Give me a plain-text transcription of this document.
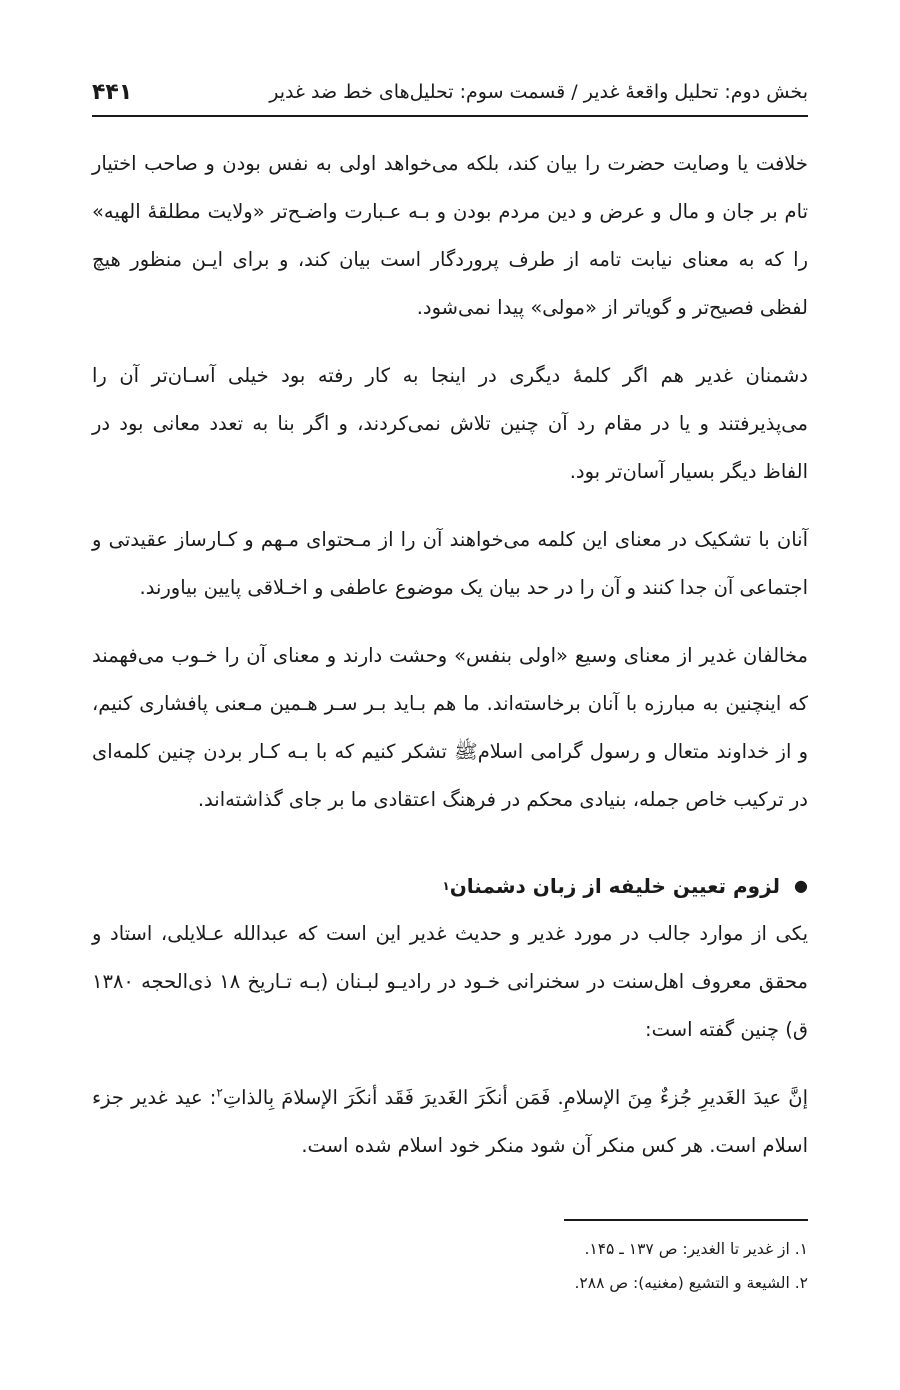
بخش دوم: تحلیل واقعهٔ غدیر / قسمت سوم: تحلیل‌های خط ضد غدیر
۴۴۱

خلافت یا وصایت حضرت را بیان کند، بلکه می‌خواهد اولی به نفس بودن و صاحب اختیار تام بر جان و مال و عرض و دین مردم بودن و بـه عـبارت واضـح‌تر «ولایت مطلقهٔ الهیه» را که به معنای نیابت تامه از طرف پروردگار است بیان کند، و برای ایـن منظور هیچ لفظی فصیح‌تر و گویاتر از «مولی» پیدا نمی‌شود.

دشمنان غدیر هم اگر کلمهٔ دیگری در اینجا به کار رفته بود خیلی آسـان‌تر آن را می‌پذیرفتند و یا در مقام رد آن چنین تلاش نمی‌کردند، و اگر بنا به تعدد معانی بود در الفاظ دیگر بسیار آسان‌تر بود.

آنان با تشکیک در معنای این کلمه می‌خواهند آن را از مـحتوای مـهم و کـارساز عقیدتی و اجتماعی آن جدا کنند و آن را در حد بیان یک موضوع عاطفی و اخـلاقی پایین بیاورند.

مخالفان غدیر از معنای وسیع «اولی بنفس» وحشت دارند و معنای آن را خـوب می‌فهمند که اینچنین به مبارزه با آنان برخاسته‌اند. ما هم بـاید بـر سـر هـمین مـعنی پافشاری کنیم، و از خداوند متعال و رسول گرامی اسلامﷺ تشکر کنیم که با بـه کـار بردن چنین کلمه‌ای در ترکیب خاص جمله، بنیادی محکم در فرهنگ اعتقادی ما بر جای گذاشته‌اند.

●
لزوم تعیین خلیفه از زبان دشمنان
۱

یکی از موارد جالب در مورد غدیر و حدیث غدیر این است که عبدالله عـلایلی، استاد و محقق معروف اهل‌سنت در سخنرانی خـود در رادیـو لبـنان (بـه تـاریخ ۱۸ ذی‌الحجه ۱۳۸۰ ق) چنین گفته است:

إنَّ عیدَ الغَدیرِ جُزءٌ مِنَ الإسلامِ. فَمَن أنکَرَ الغَدیرَ فَقَد أنکَرَ الإسلامَ بِالذاتِ$^۲$: عید غدیر جزء اسلام است. هر کس منکر آن شود منکر خود اسلام شده است.

۱. از غدیر تا الغدیر: ص ۱۳۷ ـ ۱۴۵.
۲. الشیعة و التشیع (مغنیه): ص ۲۸۸.
